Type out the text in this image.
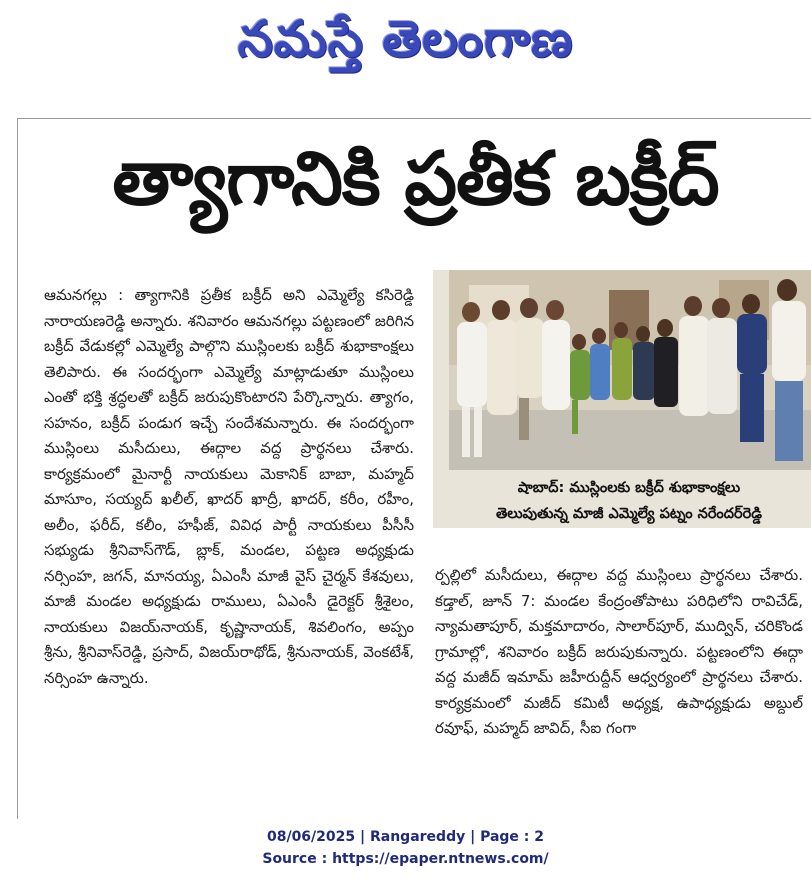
నమస్తే తెలంగాణ
త్యాగానికి ప్రతీక బక్రీద్

ఆమనగల్లు : త్యాగానికి ప్రతీక బక్రీద్ అని ఎమ్మెల్యే కసిరెడ్డి నారాయణరెడ్డి అన్నారు. శనివారం ఆమనగల్లు పట్టణంలో జరిగిన బక్రీద్ వేడుకల్లో ఎమ్మెల్యే పాల్గొని ముస్లింలకు బక్రీద్ శుభాకాంక్షలు తెలిపారు. ఈ సందర్భంగా ఎమ్మెల్యే మాట్లాడుతూ ముస్లింలు ఎంతో భక్తి శ్రద్ధలతో బక్రీద్ జరుపుకొంటారని పేర్కొన్నారు. త్యాగం, సహనం, బక్రీద్ పండుగ ఇచ్చే సందేశమన్నారు. ఈ సందర్భంగా ముస్లింలు మసీదులు, ఈద్గాల వద్ద ప్రార్థనలు చేశారు. కార్యక్రమంలో మైనార్టీ నాయకులు మెకానిక్ బాబా, మహ్మద్ మాసూం, సయ్యద్ ఖలీల్, ఖాదర్ ఖాద్రీ, ఖాదర్, కరీం, రహీం, అలీం, ఫరీద్, కలీం, హఫీజ్, వివిధ పార్టీ నాయకులు పీసీసీ సభ్యుడు శ్రీనివాస్‌గౌడ్, బ్లాక్, మండల, పట్టణ అధ్యక్షుడు నర్సింహ, జగన్, మానయ్య, ఏఎంసీ మాజీ వైస్ చైర్మన్ కేశవులు, మాజీ మండల అధ్యక్షుడు రాములు, ఏఎంసీ డైరెక్టర్ శ్రీశైలం, నాయకులు విజయ్‌నాయక్, కృష్ణానాయక్, శివలింగం, అప్పం శ్రీను, శ్రీనివాస్‌రెడ్డి, ప్రసాద్, విజయ్‌రాథోడ్, శ్రీనునాయక్, వెంకటేశ్, నర్సింహ ఉన్నారు.

షాబాద్: ముస్లింలకు బక్రీద్ శుభాకాంక్షలు
తెలుపుతున్న మాజీ ఎమ్మెల్యే పట్నం నరేందర్‌రెడ్డి

ర్పల్లిలో మసీదులు, ఈద్గాల వద్ద ముస్లింలు ప్రార్థనలు చేశారు. కడ్తాల్, జూన్ 7: మండల కేంద్రంతోపాటు పరిధిలోని రావిచేడ్, న్యామతాపూర్, మక్తమాదారం, సాలార్‌పూర్, ముద్విన్, చరికొండ గ్రామాల్లో, శనివారం బక్రీద్ జరుపుకున్నారు. పట్టణంలోని ఈద్గా వద్ద మజీద్ ఇమామ్ జహీరుద్దీన్ ఆధ్వర్యంలో ప్రార్థనలు చేశారు. కార్యక్రమంలో మజీద్ కమిటీ అధ్యక్ష, ఉపాధ్యక్షుడు అబ్దుల్ రవూఫ్, మహ్మద్ జావిద్, సీఐ గంగా

08/06/2025 | Rangareddy | Page : 2
Source : https://epaper.ntnews.com/
